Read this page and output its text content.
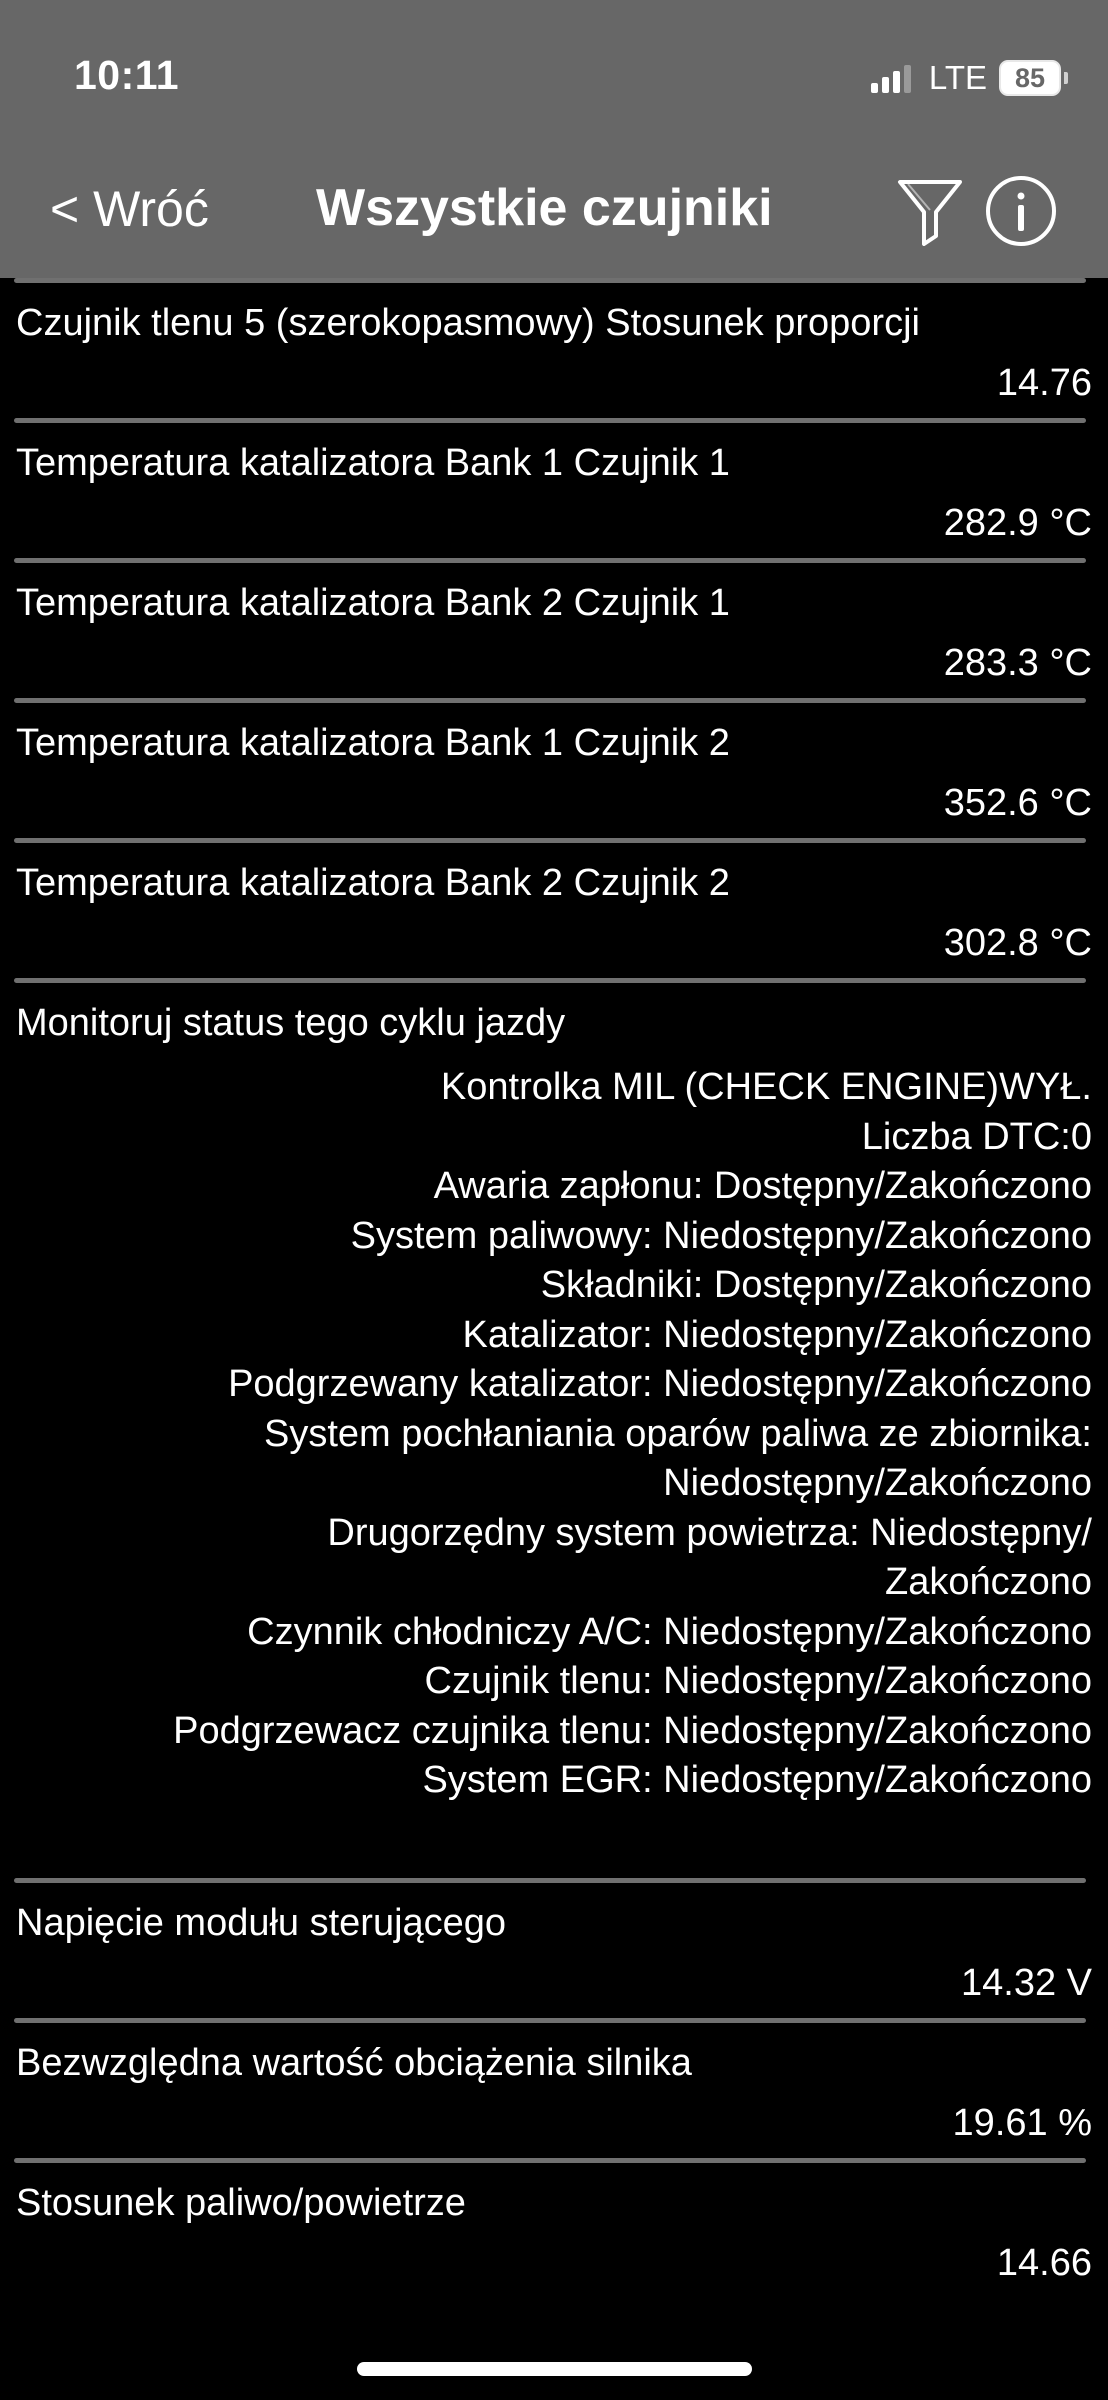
10:11	LTE	85
< Wróć Wszystkie czujniki
Czujnik tlenu 5 (szerokopasmowy) Stosunek proporcji
14.76
Temperatura katalizatora Bank 1 Czujnik 1
282.9 °C
Temperatura katalizatora Bank 2 Czujnik 1
283.3 °C
Temperatura katalizatora Bank 1 Czujnik 2
352.6 °C
Temperatura katalizatora Bank 2 Czujnik 2
302.8 °C
Monitoruj status tego cyklu jazdy
Kontrolka MIL (CHECK ENGINE)WYŁ.
Liczba DTC:0
Awaria zapłonu: Dostępny/Zakończono
System paliwowy: Niedostępny/Zakończono
Składniki: Dostępny/Zakończono
Katalizator: Niedostępny/Zakończono
Podgrzewany katalizator: Niedostępny/Zakończono
System pochłaniania oparów paliwa ze zbiornika:
Niedostępny/Zakończono
Drugorzędny system powietrza: Niedostępny/
Zakończono
Czynnik chłodniczy A/C: Niedostępny/Zakończono
Czujnik tlenu: Niedostępny/Zakończono
Podgrzewacz czujnika tlenu: Niedostępny/Zakończono
System EGR: Niedostępny/Zakończono
Napięcie modułu sterującego
14.32 V
Bezwzględna wartość obciążenia silnika
19.61 %
Stosunek paliwo/powietrze
14.66
